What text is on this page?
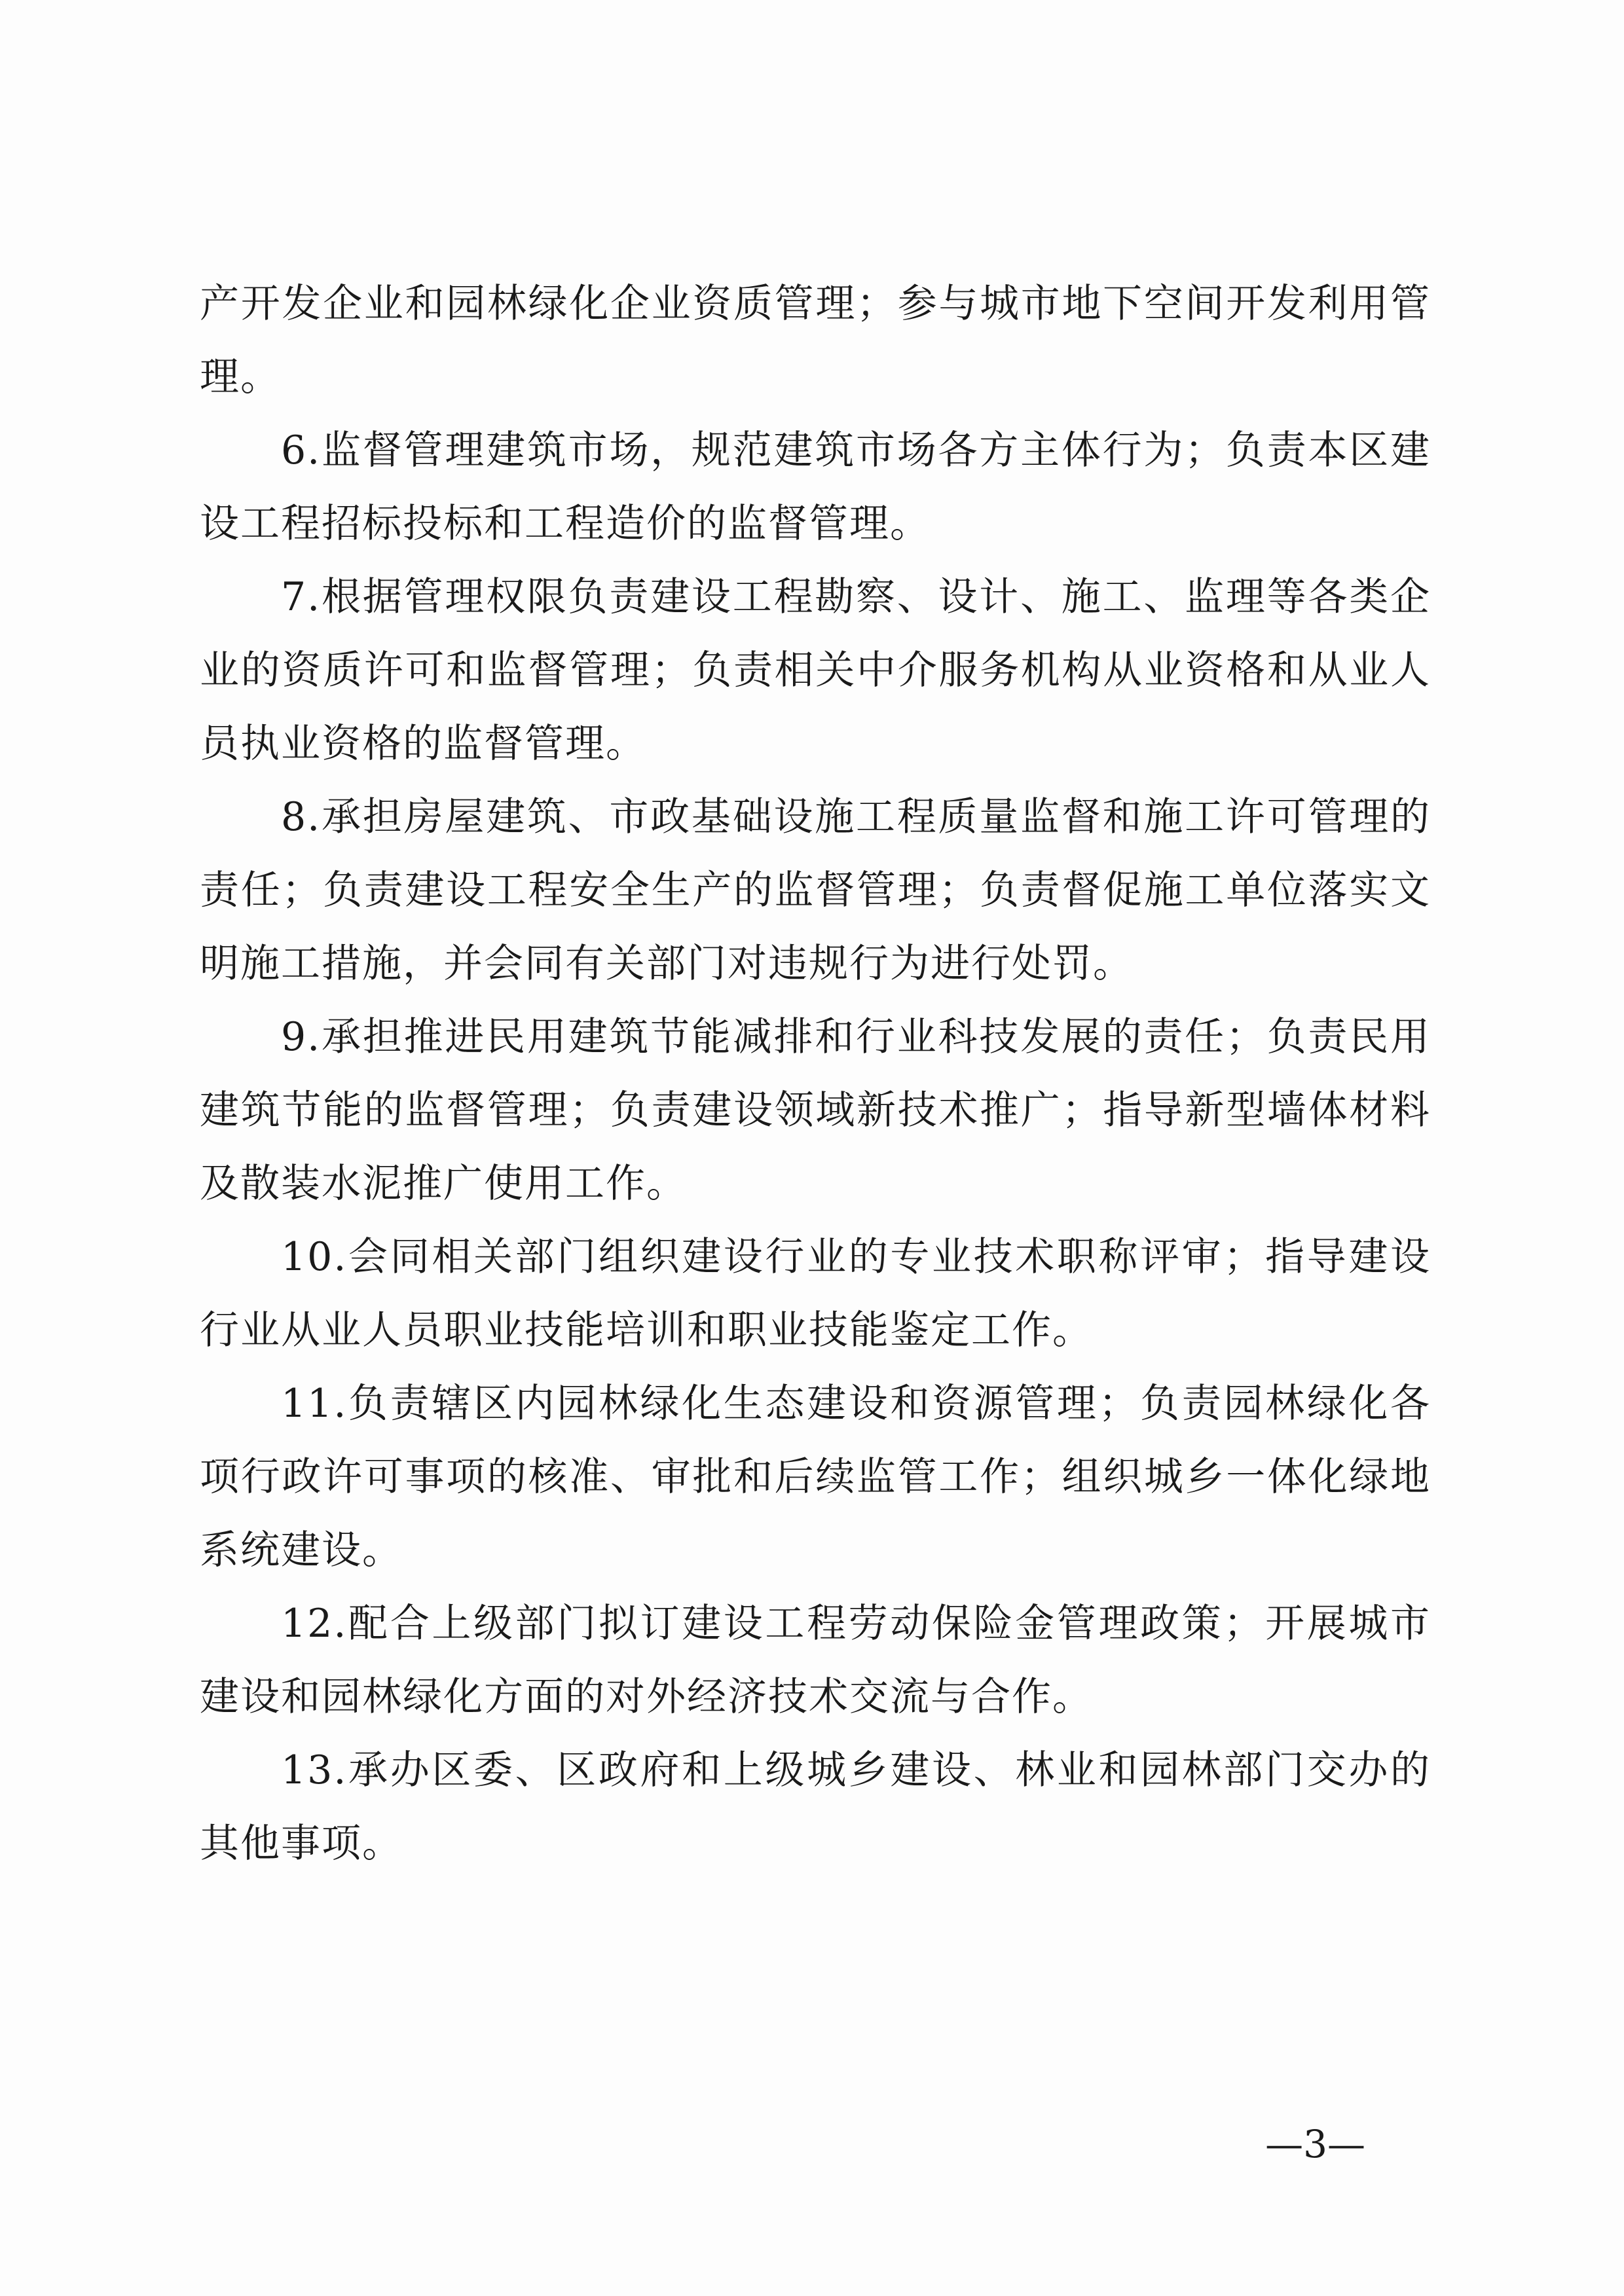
产开发企业和园林绿化企业资质管理；参与城市地下空间开发利用管理。

6.监督管理建筑市场，规范建筑市场各方主体行为；负责本区建设工程招标投标和工程造价的监督管理。

7.根据管理权限负责建设工程勘察、设计、施工、监理等各类企业的资质许可和监督管理；负责相关中介服务机构从业资格和从业人员执业资格的监督管理。

8.承担房屋建筑、市政基础设施工程质量监督和施工许可管理的责任；负责建设工程安全生产的监督管理；负责督促施工单位落实文明施工措施，并会同有关部门对违规行为进行处罚。

9.承担推进民用建筑节能减排和行业科技发展的责任；负责民用建筑节能的监督管理；负责建设领域新技术推广；指导新型墙体材料及散装水泥推广使用工作。

10.会同相关部门组织建设行业的专业技术职称评审；指导建设行业从业人员职业技能培训和职业技能鉴定工作。

11.负责辖区内园林绿化生态建设和资源管理；负责园林绿化各项行政许可事项的核准、审批和后续监管工作；组织城乡一体化绿地系统建设。

12.配合上级部门拟订建设工程劳动保险金管理政策；开展城市建设和园林绿化方面的对外经济技术交流与合作。

13.承办区委、区政府和上级城乡建设、林业和园林部门交办的其他事项。

—3—
